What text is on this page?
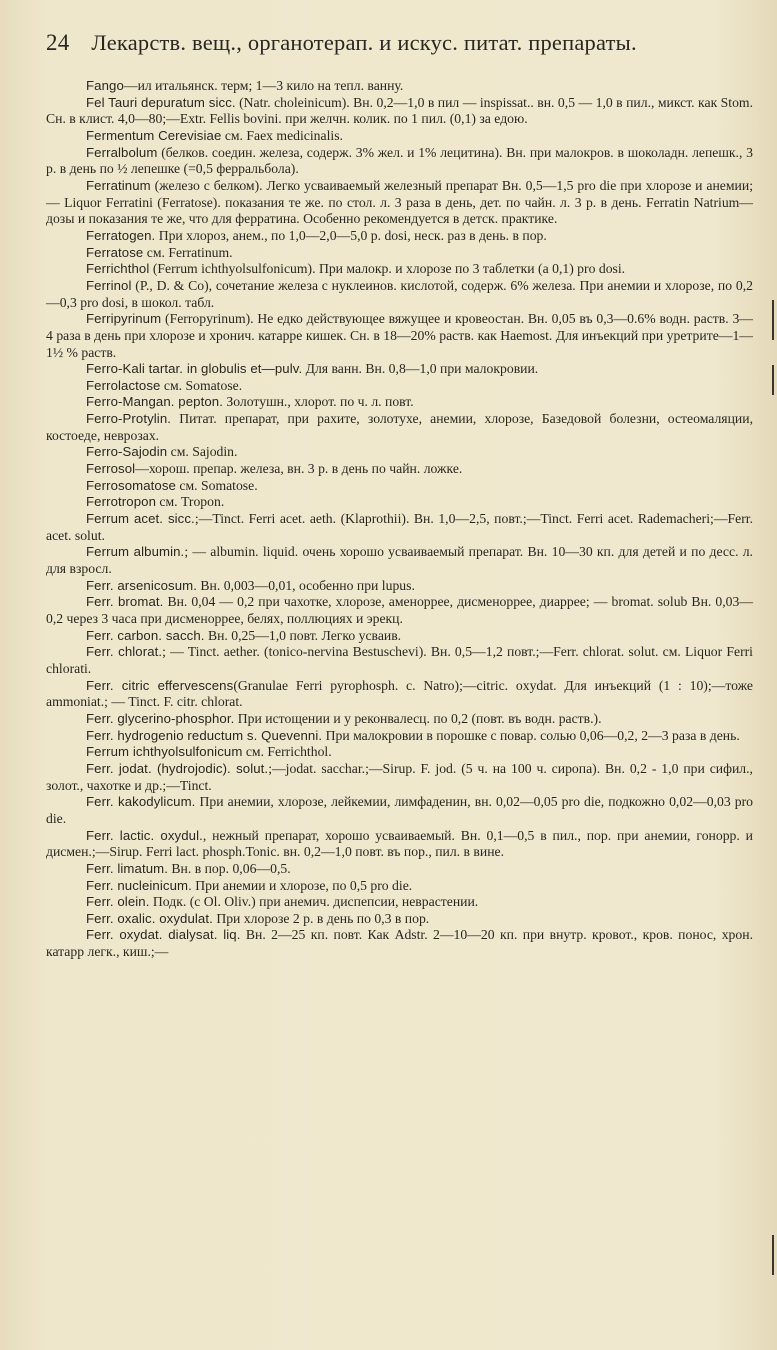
24 Лекарств. вещ., органотерап. и искус. питат. препараты.

Fango—ил итальянск. терм; 1—3 кило на тепл. ванну.

Fel Tauri depuratum sicc. (Natr. choleinicum). Вн. 0,2—1,0 в пил — inspissat.. вн. 0,5 — 1,0 в пил., микст. как Stom. Сн. в клист. 4,0—80;—Extr. Fellis bovini. при желчн. колик. по 1 пил. (0,1) за едою.

Fermentum Cerevisiae см. Faex medicinalis.

Ferralbolum (белков. соедин. железа, содерж. 3% жел. и 1% лецитина). Вн. при малокров. в шоколадн. лепешк., 3 р. в день по ½ лепешке (=0,5 ферральбола).

Ferratinum (железо с белком). Легко усваиваемый железный препарат Вн. 0,5—1,5 pro die при хлорозе и анемии; — Liquor Ferratini (Ferratose). показания те же. по стол. л. 3 раза в день, дет. по чайн. л. 3 р. в день. Ferratin Natrium—дозы и показания те же, что для ферратина. Особенно рекомендуется в детск. практике.

Ferratogen. При хлороз, анем., по 1,0—2,0—5,0 р. dosi, неск. раз в день. в пор.

Ferratose см. Ferratinum.

Ferrichthol (Ferrum ichthyolsulfonicum). При малокр. и хлорозе по 3 таблетки (а 0,1) pro dosi.

Ferrinol (P., D. & Co), сочетание железа с нуклеинов. кислотой, содерж. 6% железа. При анемии и хлорозе, по 0,2—0,3 pro dosi, в шокол. табл.

Ferripyrinum (Ferropyrinum). Не едко действующее вяжущее и кровеостан. Вн. 0,05 въ 0,3—0.6% водн. раств. 3—4 раза в день при хлорозе и хронич. катарре кишек. Сн. в 18—20% раств. как Haemost. Для инъекций при уретрите—1—1½ % раств.

Ferro-Kali tartar. in globulis et—pulv. Для ванн. Вн. 0,8—1,0 при малокровии.

Ferrolactose см. Somatose.

Ferro-Mangan. pepton. Золотушн., хлорот. по ч. л. повт.

Ferro-Protylin. Питат. препарат, при рахите, золотухе, анемии, хлорозе, Базедовой болезни, остеомаляции, костоеде, неврозах.

Ferro-Sajodin см. Sajodin.

Ferrosol—хорош. препар. железа, вн. 3 р. в день по чайн. ложке.

Ferrosomatose см. Somatose.

Ferrotropon см. Tropon.

Ferrum acet. sicc.;—Tinct. Ferri acet. aeth. (Klaprothii). Вн. 1,0—2,5, повт.;—Tinct. Ferri acet. Rademacheri;—Ferr. acet. solut.

Ferrum albumin.; — albumin. liquid. очень хорошо усваиваемый препарат. Вн. 10—30 кп. для детей и по десс. л. для взросл.

Ferr. arsenicosum. Вн. 0,003—0,01, особенно при lupus.

Ferr. bromat. Вн. 0,04 — 0,2 при чахотке, хлорозе, аменоррее, дисменоррее, диаррее; — bromat. solub Вн. 0,03—0,2 через 3 часа при дисменоррее, белях, поллюциях и эрекц.

Ferr. carbon. sacch. Вн. 0,25—1,0 повт. Легко усваив.

Ferr. chlorat.; — Tinct. aether. (tonico-nervina Bestuschevi). Вн. 0,5—1,2 повт.;—Ferr. chlorat. solut. см. Liquor Ferri chlorati.

Ferr. citric effervescens(Granulae Ferri pyrophosph. c. Natro);—citric. oxydat. Для инъекций (1 : 10);—тоже ammoniat.; — Tinct. F. citr. chlorat.

Ferr. glycerino-phosphor. При истощении и у реконвалесц. по 0,2 (повт. въ водн. раств.).

Ferr. hydrogenio reductum s. Quevenni. При малокровии в порошке с повар. солью 0,06—0,2, 2—3 раза в день.

Ferrum ichthyolsulfonicum см. Ferrichthol.

Ferr. jodat. (hydrojodic). solut.;—jodat. sacchar.;—Sirup. F. jod. (5 ч. на 100 ч. сиропа). Вн. 0,2 - 1,0 при сифил., золот., чахотке и др.;—Tinct.

Ferr. kakodylicum. При анемии, хлорозе, лейкемии, лимфаденин, вн. 0,02—0,05 pro die, подкожно 0,02—0,03 pro die.

Ferr. lactic. oxydul., нежный препарат, хорошо усваиваемый. Вн. 0,1—0,5 в пил., пор. при анемии, гонорр. и дисмен.;—Sirup. Ferri lact. phosph.Tonic. вн. 0,2—1,0 повт. въ пор., пил. в вине.

Ferr. limatum. Вн. в пор. 0,06—0,5.

Ferr. nucleinicum. При анемии и хлорозе, по 0,5 pro die.

Ferr. olein. Подк. (с Ol. Oliv.) при анемич. диспепсии, неврастении.

Ferr. oxalic. oxydulat. При хлорозе 2 р. в день по 0,3 в пор.

Ferr. oxydat. dialysat. liq. Вн. 2—25 кп. повт. Как Adstr. 2—10—20 кп. при внутр. кровот., кров. понос, хрон. катарр легк., киш.;—
